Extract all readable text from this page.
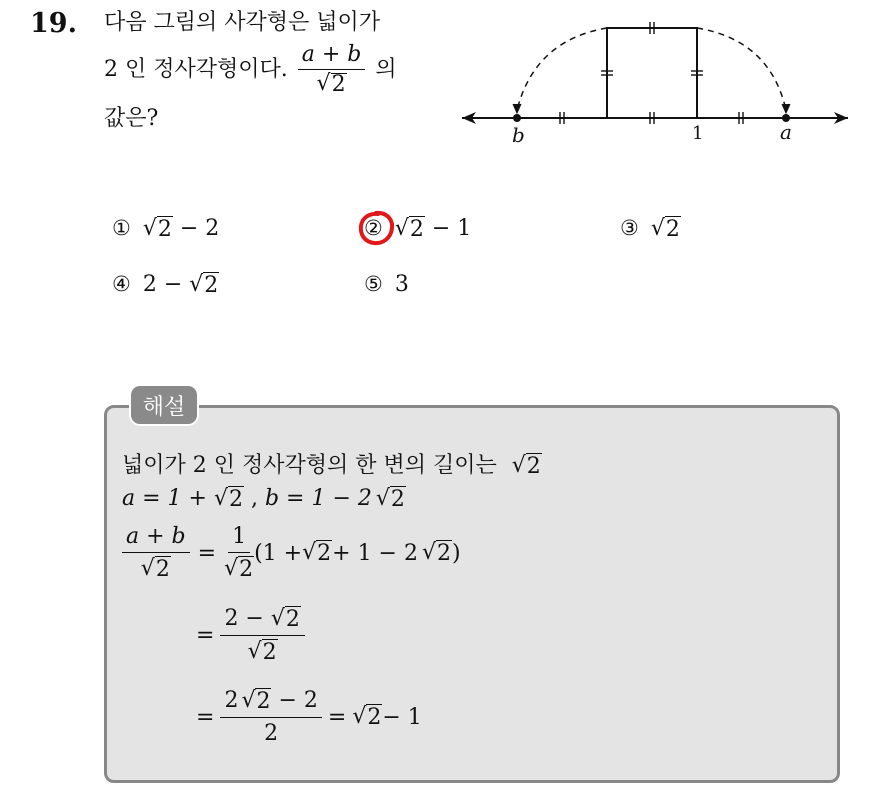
19. 다음 그림의 사각형은 넓이가
2 인 정사각형이다. $\frac{a + b}{√ 2}$ 의
값은?
b	1	a
① √ 2 − 2	② √ 2 − 1	③ √ 2
④ 2 − √ 2	⑤ 3
해설
넓이가 2 인 정사각형의 한 변의 길이는 √ 2
a = 1 + √ 2 , b = 1 − 2 √ 2
$\frac{a + b}{√ 2} = \frac{1}{√ 2} (1$ + √ 2 + 1 − 2 √ 2 )
= $\frac{2 - √ 2}{√ 2}$
= $\frac{2 √ 2 - 2}{2}$ = √ 2 − 1
